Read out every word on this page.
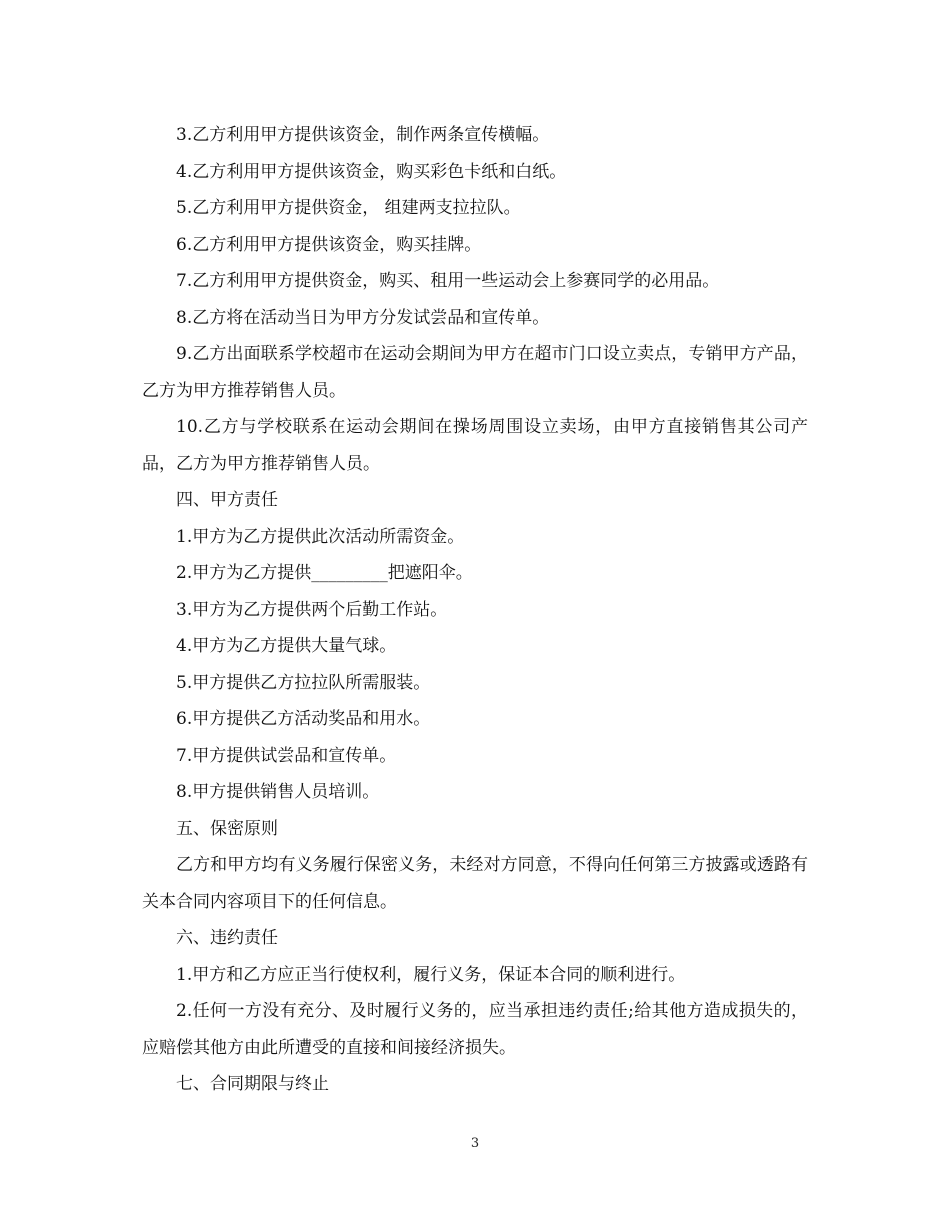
3.乙方利用甲方提供该资金，制作两条宣传横幅。

4.乙方利用甲方提供该资金，购买彩色卡纸和白纸。

5.乙方利用甲方提供资金， 组建两支拉拉队。

6.乙方利用甲方提供该资金，购买挂牌。

7.乙方利用甲方提供资金，购买、租用一些运动会上参赛同学的必用品。

8.乙方将在活动当日为甲方分发试尝品和宣传单。

9.乙方出面联系学校超市在运动会期间为甲方在超市门口设立卖点，专销甲方产品，乙方为甲方推荐销售人员。

10.乙方与学校联系在运动会期间在操场周围设立卖场，由甲方直接销售其公司产品，乙方为甲方推荐销售人员。

四、甲方责任

1.甲方为乙方提供此次活动所需资金。

2.甲方为乙方提供_________把遮阳伞。

3.甲方为乙方提供两个后勤工作站。

4.甲方为乙方提供大量气球。

5.甲方提供乙方拉拉队所需服装。

6.甲方提供乙方活动奖品和用水。

7.甲方提供试尝品和宣传单。

8.甲方提供销售人员培训。

五、保密原则

乙方和甲方均有义务履行保密义务，未经对方同意，不得向任何第三方披露或透路有关本合同内容项目下的任何信息。

六、违约责任

1.甲方和乙方应正当行使权利，履行义务，保证本合同的顺利进行。

2.任何一方没有充分、及时履行义务的，应当承担违约责任;给其他方造成损失的，应赔偿其他方由此所遭受的直接和间接经济损失。

七、合同期限与终止

3
